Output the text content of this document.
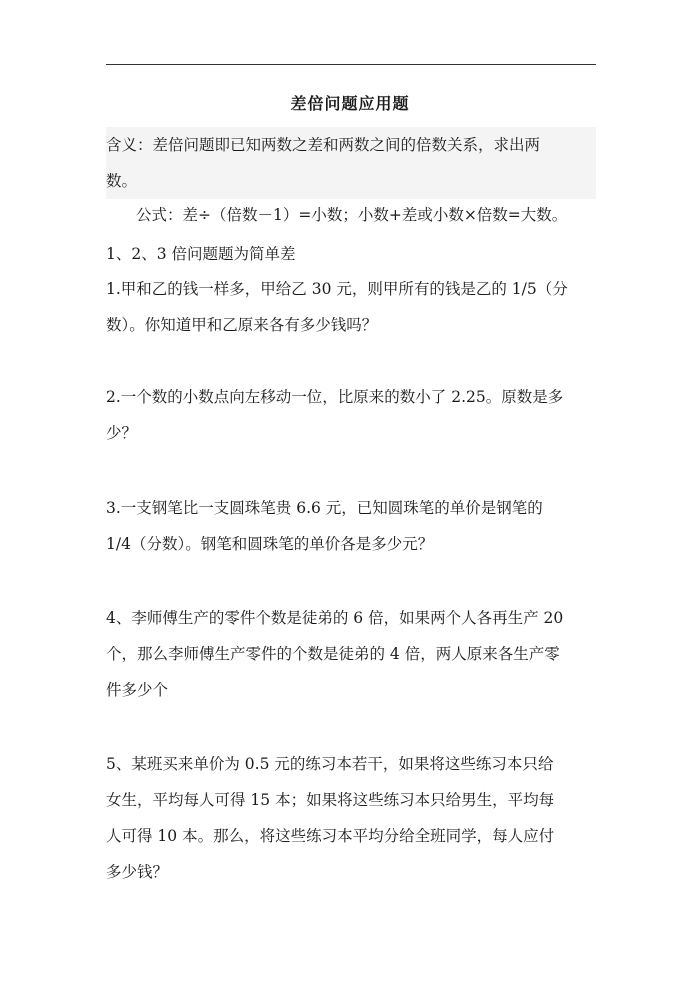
差倍问题应用题
含义：差倍问题即已知两数之差和两数之间的倍数关系，求出两
数。
公式：差÷（倍数－1）=小数；小数+差或小数×倍数=大数。
1、2、3 倍问题题为简单差
1.甲和乙的钱一样多，甲给乙 30 元，则甲所有的钱是乙的 1/5（分
数）。你知道甲和乙原来各有多少钱吗？
2.一个数的小数点向左移动一位，比原来的数小了 2.25。原数是多
少？
3.一支钢笔比一支圆珠笔贵 6.6 元，已知圆珠笔的单价是钢笔的
1/4（分数）。钢笔和圆珠笔的单价各是多少元？
4、李师傅生产的零件个数是徒弟的 6 倍，如果两个人各再生产 20
个，那么李师傅生产零件的个数是徒弟的 4 倍，两人原来各生产零
件多少个
5、某班买来单价为 0.5 元的练习本若干，如果将这些练习本只给
女生，平均每人可得 15 本；如果将这些练习本只给男生，平均每
人可得 10 本。那么，将这些练习本平均分给全班同学，每人应付
多少钱？
